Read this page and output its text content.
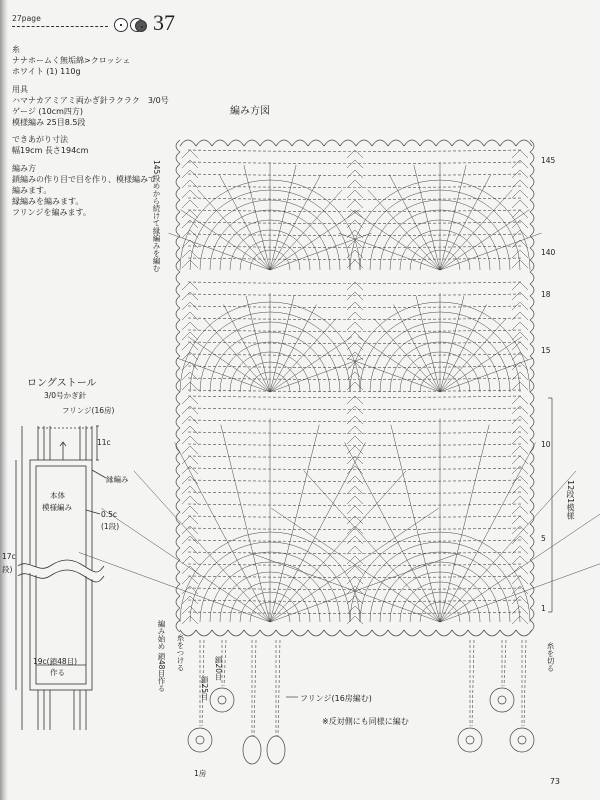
27page	37
糸
ナナホームく無垢綿>クロッシェ
ホワイト (1) 110g
用具
ハマナカアミアミ両かぎ針ラクラク　3/0号
ゲージ (10cm四方)
模様編み 25目8.5段
できあがり寸法
幅19cm 長さ194cm
編み方
鎖編みの作り目で目を作り、模様編みで
編みます。
縁編みを編みます。
フリンジを編みます。
編み方図
145段めから続けて縁編みを編む	145
140
18
15
10
5
1
12段1模様
編み始め 鎖48目作る 糸をつける	糸を切る
鎖25目
鎖20目
フリンジ(16房編む)
※反対側にも同様に編む
1房
ロングストール
3/0号かぎ針
フリンジ(16房)
11c
縁編み
本体
模様編み
0.5c
(1段)
19c(鎖48目)
作る
17c
段)
73
